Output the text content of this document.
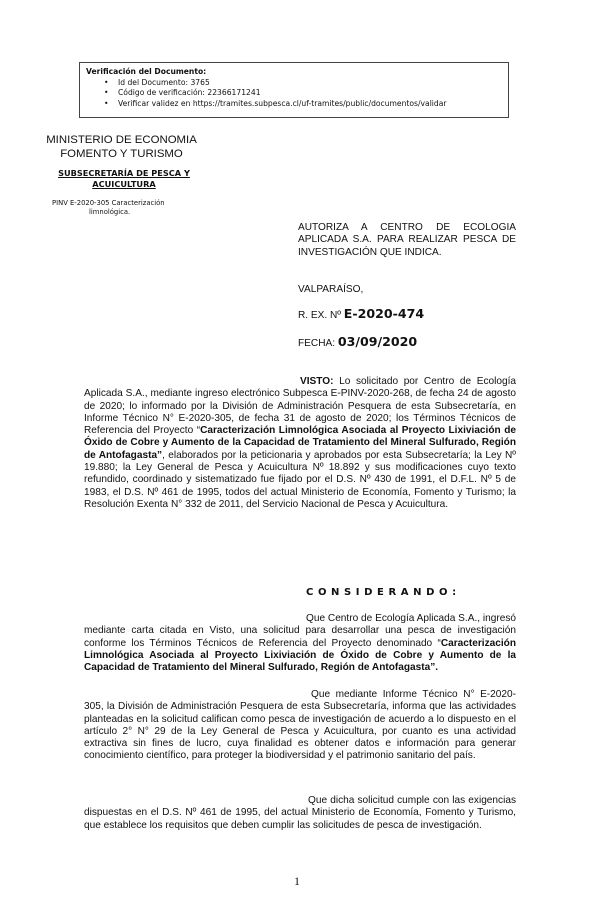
Verificación del Documento:
• Id del Documento: 3765
• Código de verificación: 22366171241
• Verificar validez en https://tramites.subpesca.cl/uf-tramites/public/documentos/validar
MINISTERIO DE ECONOMIA
FOMENTO Y TURISMO
SUBSECRETARÍA DE PESCA Y
ACUICULTURA
PINV E-2020-305 Caracterización
limnológica.
AUTORIZA A CENTRO DE ECOLOGIA APLICADA S.A. PARA REALIZAR PESCA DE INVESTIGACIÓN QUE INDICA.
VALPARAÍSO,
R. EX. Nº E-2020-474
FECHA: 03/09/2020
VISTO: Lo solicitado por Centro de Ecología Aplicada S.A., mediante ingreso electrónico Subpesca E-PINV-2020-268, de fecha 24 de agosto de 2020; lo informado por la División de Administración Pesquera de esta Subsecretaría, en Informe Técnico N° E-2020-305, de fecha 31 de agosto de 2020; los Términos Técnicos de Referencia del Proyecto “Caracterización Limnológica Asociada al Proyecto Lixiviación de Óxido de Cobre y Aumento de la Capacidad de Tratamiento del Mineral Sulfurado, Región de Antofagasta”, elaborados por la peticionaria y aprobados por esta Subsecretaría; la Ley Nº 19.880; la Ley General de Pesca y Acuicultura Nº 18.892 y sus modificaciones cuyo texto refundido, coordinado y sistematizado fue fijado por el D.S. Nº 430 de 1991, el D.F.L. Nº 5 de 1983, el D.S. Nº 461 de 1995, todos del actual Ministerio de Economía, Fomento y Turismo; la Resolución Exenta N° 332 de 2011, del Servicio Nacional de Pesca y Acuicultura.
CONSIDERANDO:
Que Centro de Ecología Aplicada S.A., ingresó mediante carta citada en Visto, una solicitud para desarrollar una pesca de investigación conforme los Términos Técnicos de Referencia del Proyecto denominado “Caracterización Limnológica Asociada al Proyecto Lixiviación de Óxido de Cobre y Aumento de la Capacidad de Tratamiento del Mineral Sulfurado, Región de Antofagasta”.
Que mediante Informe Técnico N° E-2020-305, la División de Administración Pesquera de esta Subsecretaría, informa que las actividades planteadas en la solicitud califican como pesca de investigación de acuerdo a lo dispuesto en el artículo 2° N° 29 de la Ley General de Pesca y Acuicultura, por cuanto es una actividad extractiva sin fines de lucro, cuya finalidad es obtener datos e información para generar conocimiento científico, para proteger la biodiversidad y el patrimonio sanitario del país.
Que dicha solicitud cumple con las exigencias dispuestas en el D.S. Nº 461 de 1995, del actual Ministerio de Economía, Fomento y Turismo, que establece los requisitos que deben cumplir las solicitudes de pesca de investigación.
1
